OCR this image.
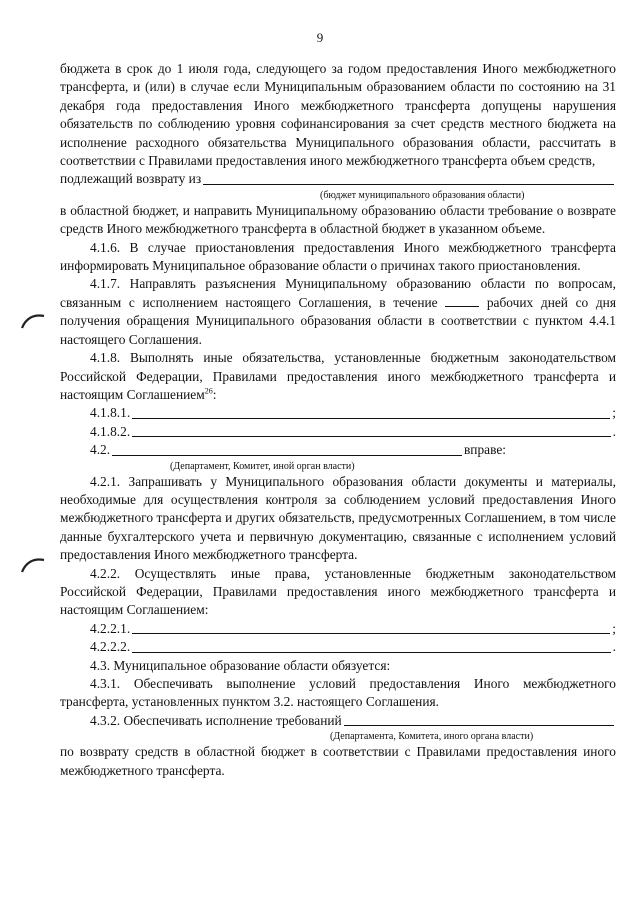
9

бюджета в срок до 1 июля года, следующего за годом предоставления Иного межбюджетного трансферта, и (или) в случае если Муниципальным образованием области по состоянию на 31 декабря года предоставления Иного межбюджетного трансферта допущены нарушения обязательств по соблюдению уровня софинансирования за счет средств местного бюджета на исполнение расходного обязательства Муниципального образования области, рассчитать в соответствии с Правилами предоставления иного межбюджетного трансферта объем средств,

подлежащий возврату из
(бюджет муниципального образования области)

в областной бюджет, и направить Муниципальному образованию области требование о возврате средств Иного межбюджетного трансферта в областной бюджет в указанном объеме.

4.1.6. В случае приостановления предоставления Иного межбюджетного трансферта информировать Муниципальное образование области о причинах такого приостановления.

4.1.7. Направлять разъяснения Муниципальному образованию области по вопросам, связанным с исполнением настоящего Соглашения, в течение	рабочих дней со дня получения обращения Муниципального образования области в соответствии с пунктом 4.4.1 настоящего Соглашения.

4.1.8. Выполнять иные обязательства, установленные бюджетным законодательством Российской Федерации, Правилами предоставления иного межбюджетного трансферта и настоящим Соглашением$^{26}$:

4.1.8.1.	;
4.1.8.2.	.
4.2.	вправе:
(Департамент, Комитет, иной орган власти)

4.2.1. Запрашивать у Муниципального образования области документы и материалы, необходимые для осуществления контроля за соблюдением условий предоставления Иного межбюджетного трансферта и других обязательств, предусмотренных Соглашением, в том числе данные бухгалтерского учета и первичную документацию, связанные с исполнением условий предоставления Иного межбюджетного трансферта.

4.2.2. Осуществлять иные права, установленные бюджетным законодательством Российской Федерации, Правилами предоставления иного межбюджетного трансферта и настоящим Соглашением:

4.2.2.1.	;
4.2.2.2.	.

4.3. Муниципальное образование области обязуется:

4.3.1. Обеспечивать выполнение условий предоставления Иного межбюджетного трансферта, установленных пунктом 3.2. настоящего Соглашения.

4.3.2. Обеспечивать исполнение требований
(Департамента, Комитета, иного органа власти)

по возврату средств в областной бюджет в соответствии с Правилами предоставления иного межбюджетного трансферта.
